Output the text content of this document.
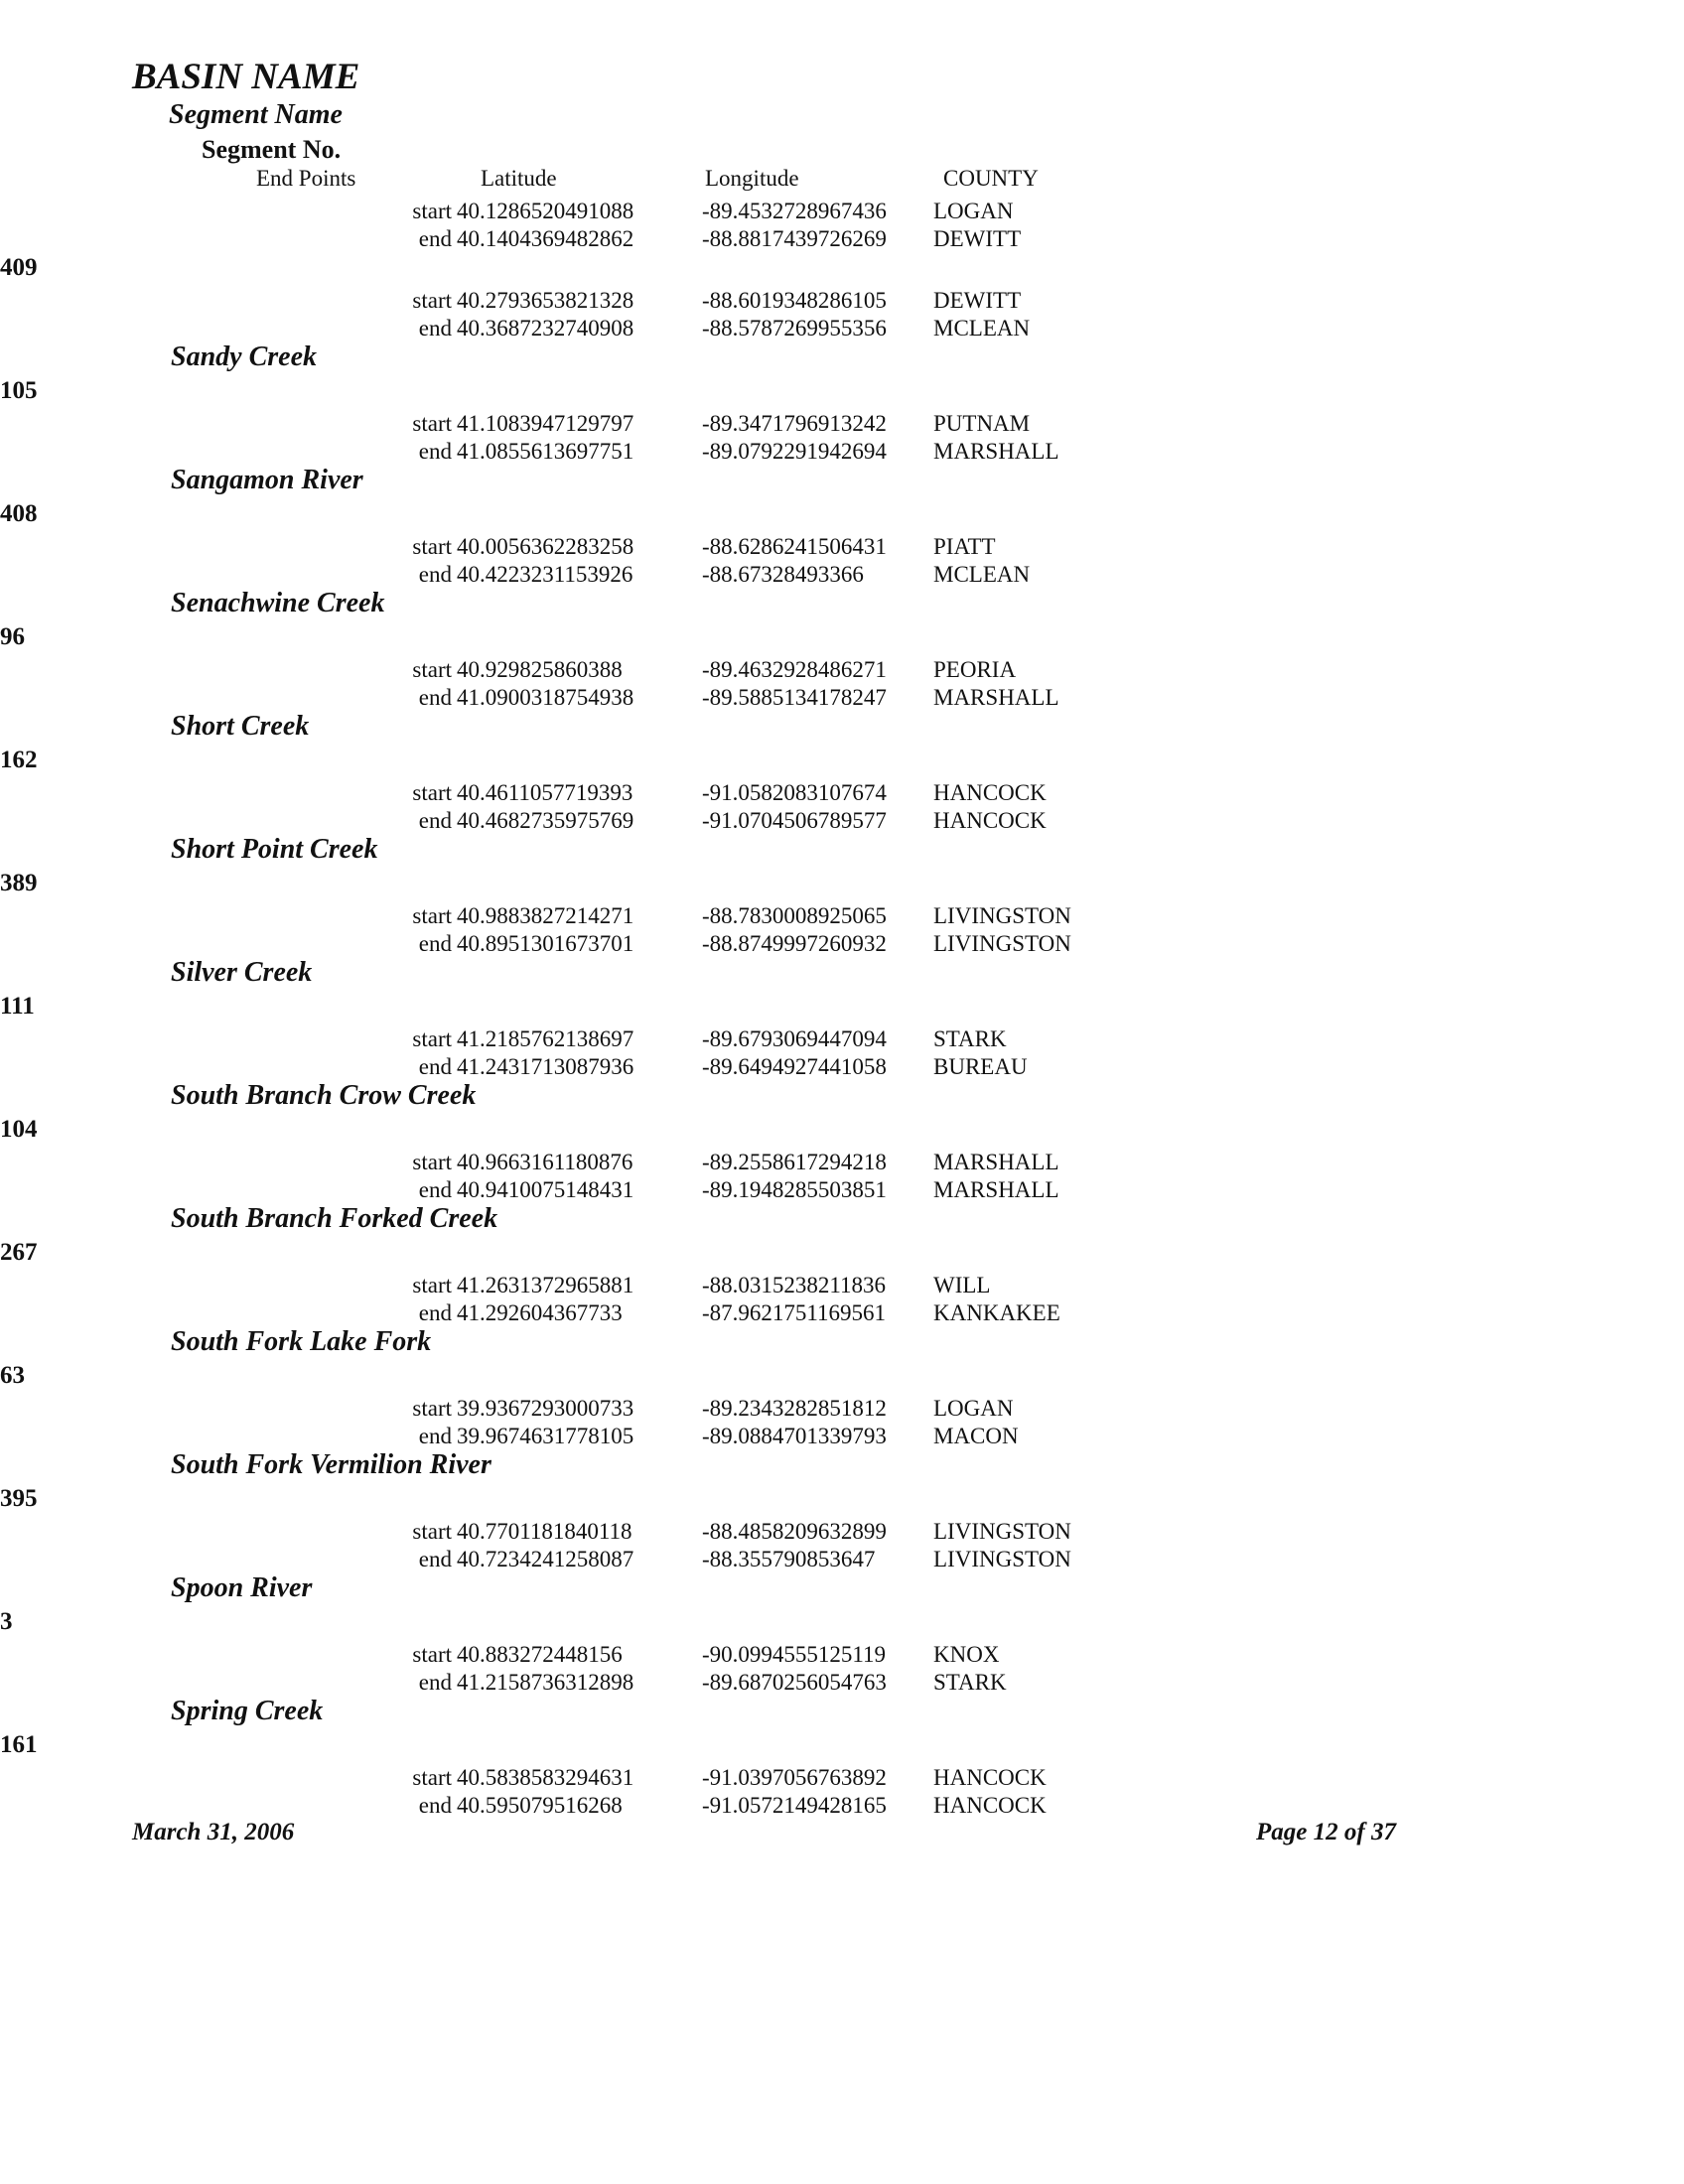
BASIN NAME
Segment Name
Segment No.
End Points	Latitude	Longitude	COUNTY
start 40.1286520491088	-89.4532728967436 LOGAN
end 40.1404369482862	-88.8817439726269 DEWITT
409
start 40.2793653821328	-88.6019348286105 DEWITT
end 40.3687232740908	-88.5787269955356 MCLEAN
Sandy Creek
105
start 41.1083947129797	-89.3471796913242 PUTNAM
end 41.0855613697751	-89.0792291942694 MARSHALL
Sangamon River
408
start 40.0056362283258	-88.6286241506431 PIATT
end 40.4223231153926	-88.67328493366	MCLEAN
Senachwine Creek
96
start 40.929825860388	-89.4632928486271 PEORIA
end 41.0900318754938	-89.5885134178247 MARSHALL
Short Creek
162
start 40.4611057719393	-91.0582083107674 HANCOCK
end 40.4682735975769	-91.0704506789577 HANCOCK
Short Point Creek
389
start 40.9883827214271	-88.7830008925065 LIVINGSTON
end 40.8951301673701	-88.8749997260932 LIVINGSTON
Silver Creek
111
start 41.2185762138697	-89.6793069447094 STARK
end 41.2431713087936	-89.6494927441058 BUREAU
South Branch Crow Creek
104
start 40.9663161180876	-89.2558617294218 MARSHALL
end 40.9410075148431	-89.1948285503851 MARSHALL
South Branch Forked Creek
267
start 41.2631372965881	-88.0315238211836 WILL
end 41.292604367733	-87.9621751169561 KANKAKEE
South Fork Lake Fork
63
start 39.9367293000733	-89.2343282851812 LOGAN
end 39.9674631778105	-89.0884701339793 MACON
South Fork Vermilion River
395
start 40.7701181840118	-88.4858209632899 LIVINGSTON
end 40.7234241258087	-88.355790853647	LIVINGSTON
Spoon River
3
start 40.883272448156	-90.0994555125119 KNOX
end 41.2158736312898	-89.6870256054763 STARK
Spring Creek
161
start 40.5838583294631	-91.0397056763892 HANCOCK
end 40.595079516268	-91.0572149428165 HANCOCK
March 31, 2006	Page 12 of 37
